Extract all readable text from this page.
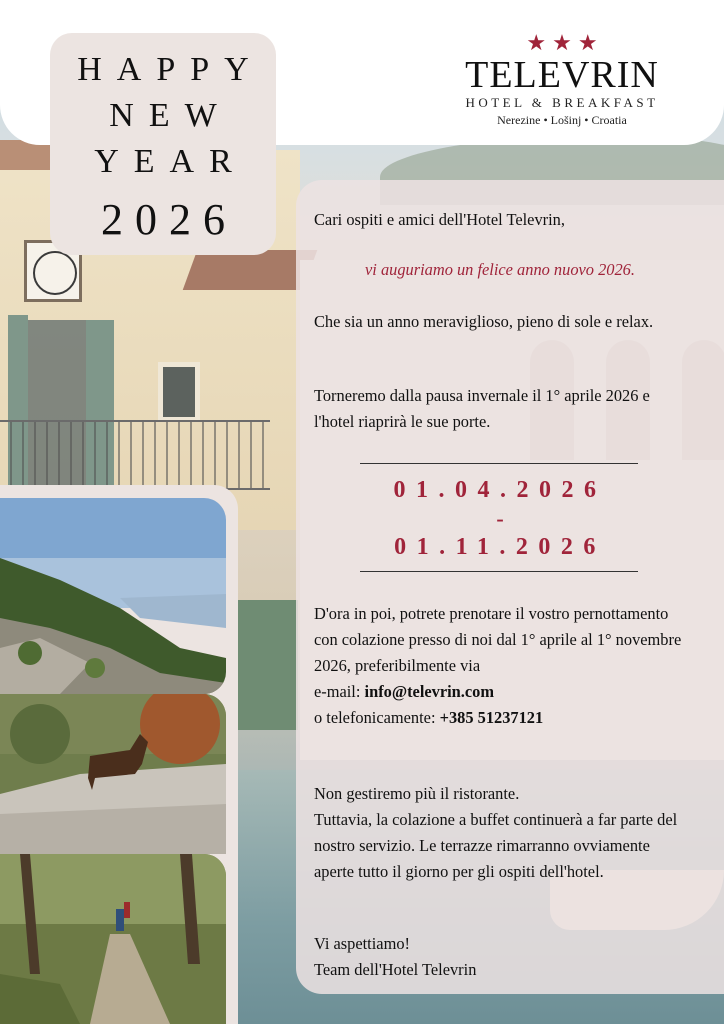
HAPPY
NEW
YEAR
2026
★★★
TELEVRIN
HOTEL & BREAKFAST
Nerezine • Lošinj • Croatia
Cari ospiti e amici dell'Hotel Televrin,
vi auguriamo un felice anno nuovo 2026.
Che sia un anno meraviglioso, pieno di sole e relax.
Torneremo dalla pausa invernale il 1° aprile 2026 e l'hotel riaprirà le sue porte.
01.04.2026
-
01.11.2026
D'ora in poi, potrete prenotare il vostro pernottamento con colazione presso di noi dal 1° aprile al 1° novembre 2026, preferibilmente via
e-mail: info@televrin.com
o telefonicamente: +385 51237121
Non gestiremo più il ristorante.
Tuttavia, la colazione a buffet continuerà a far parte del nostro servizio. Le terrazze rimarranno ovviamente aperte tutto il giorno per gli ospiti dell'hotel.
Vi aspettiamo!
Team dell'Hotel Televrin
